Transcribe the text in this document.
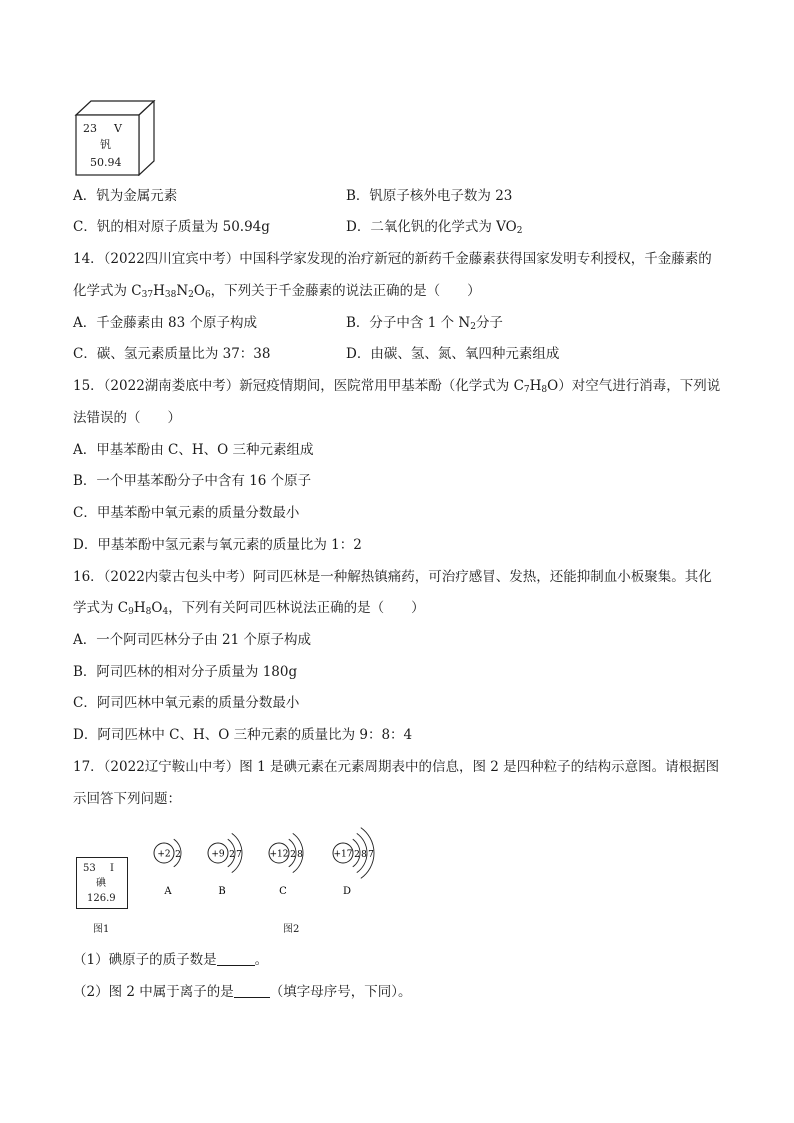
23 V
钒
50.94
A．钒为金属元素	B．钒原子核外电子数为 23
C．钒的相对原子质量为 50.94g	D．二氧化钒的化学式为 $VO_2$
14．（2022四川宜宾中考）中国科学家发现的治疗新冠的新药千金藤素获得国家发明专利授权，千金藤素的
化学式为 $C_{37}H_{38}N_2O_6$，下列关于千金藤素的说法正确的是（　　）
A．千金藤素由 83 个原子构成	B．分子中含 1 个 $N_2$分子
C．碳、氢元素质量比为 37：38	D．由碳、氢、氮、氧四种元素组成
15．（2022湖南娄底中考）新冠疫情期间，医院常用甲基苯酚（化学式为 $C_7H_8O$）对空气进行消毒，下列说
法错误的（　　）
A．甲基苯酚由 C、H、O 三种元素组成
B．一个甲基苯酚分子中含有 16 个原子
C．甲基苯酚中氧元素的质量分数最小
D．甲基苯酚中氢元素与氧元素的质量比为 1：2
16．（2022内蒙古包头中考）阿司匹林是一种解热镇痛药，可治疗感冒、发热，还能抑制血小板聚集。其化
学式为 $C_9H_8O_4$，下列有关阿司匹林说法正确的是（　　）
A．一个阿司匹林分子由 21 个原子构成
B．阿司匹林的相对分子质量为 180g
C．阿司匹林中氧元素的质量分数最小
D．阿司匹林中 C、H、O 三种元素的质量比为 9：8：4
17．（2022辽宁鞍山中考）图 1 是碘元素在元素周期表中的信息，图 2 是四种粒子的结构示意图。请根据图
示回答下列问题：
53 I
碘
126.9
图1
+2 2
A
+9 2 7
B
+12 2 8
C
+17 2 8 7
D
图2
（1）碘原子的质子数是	。
（2）图 2 中属于离子的是	（填字母序号，下同）。
